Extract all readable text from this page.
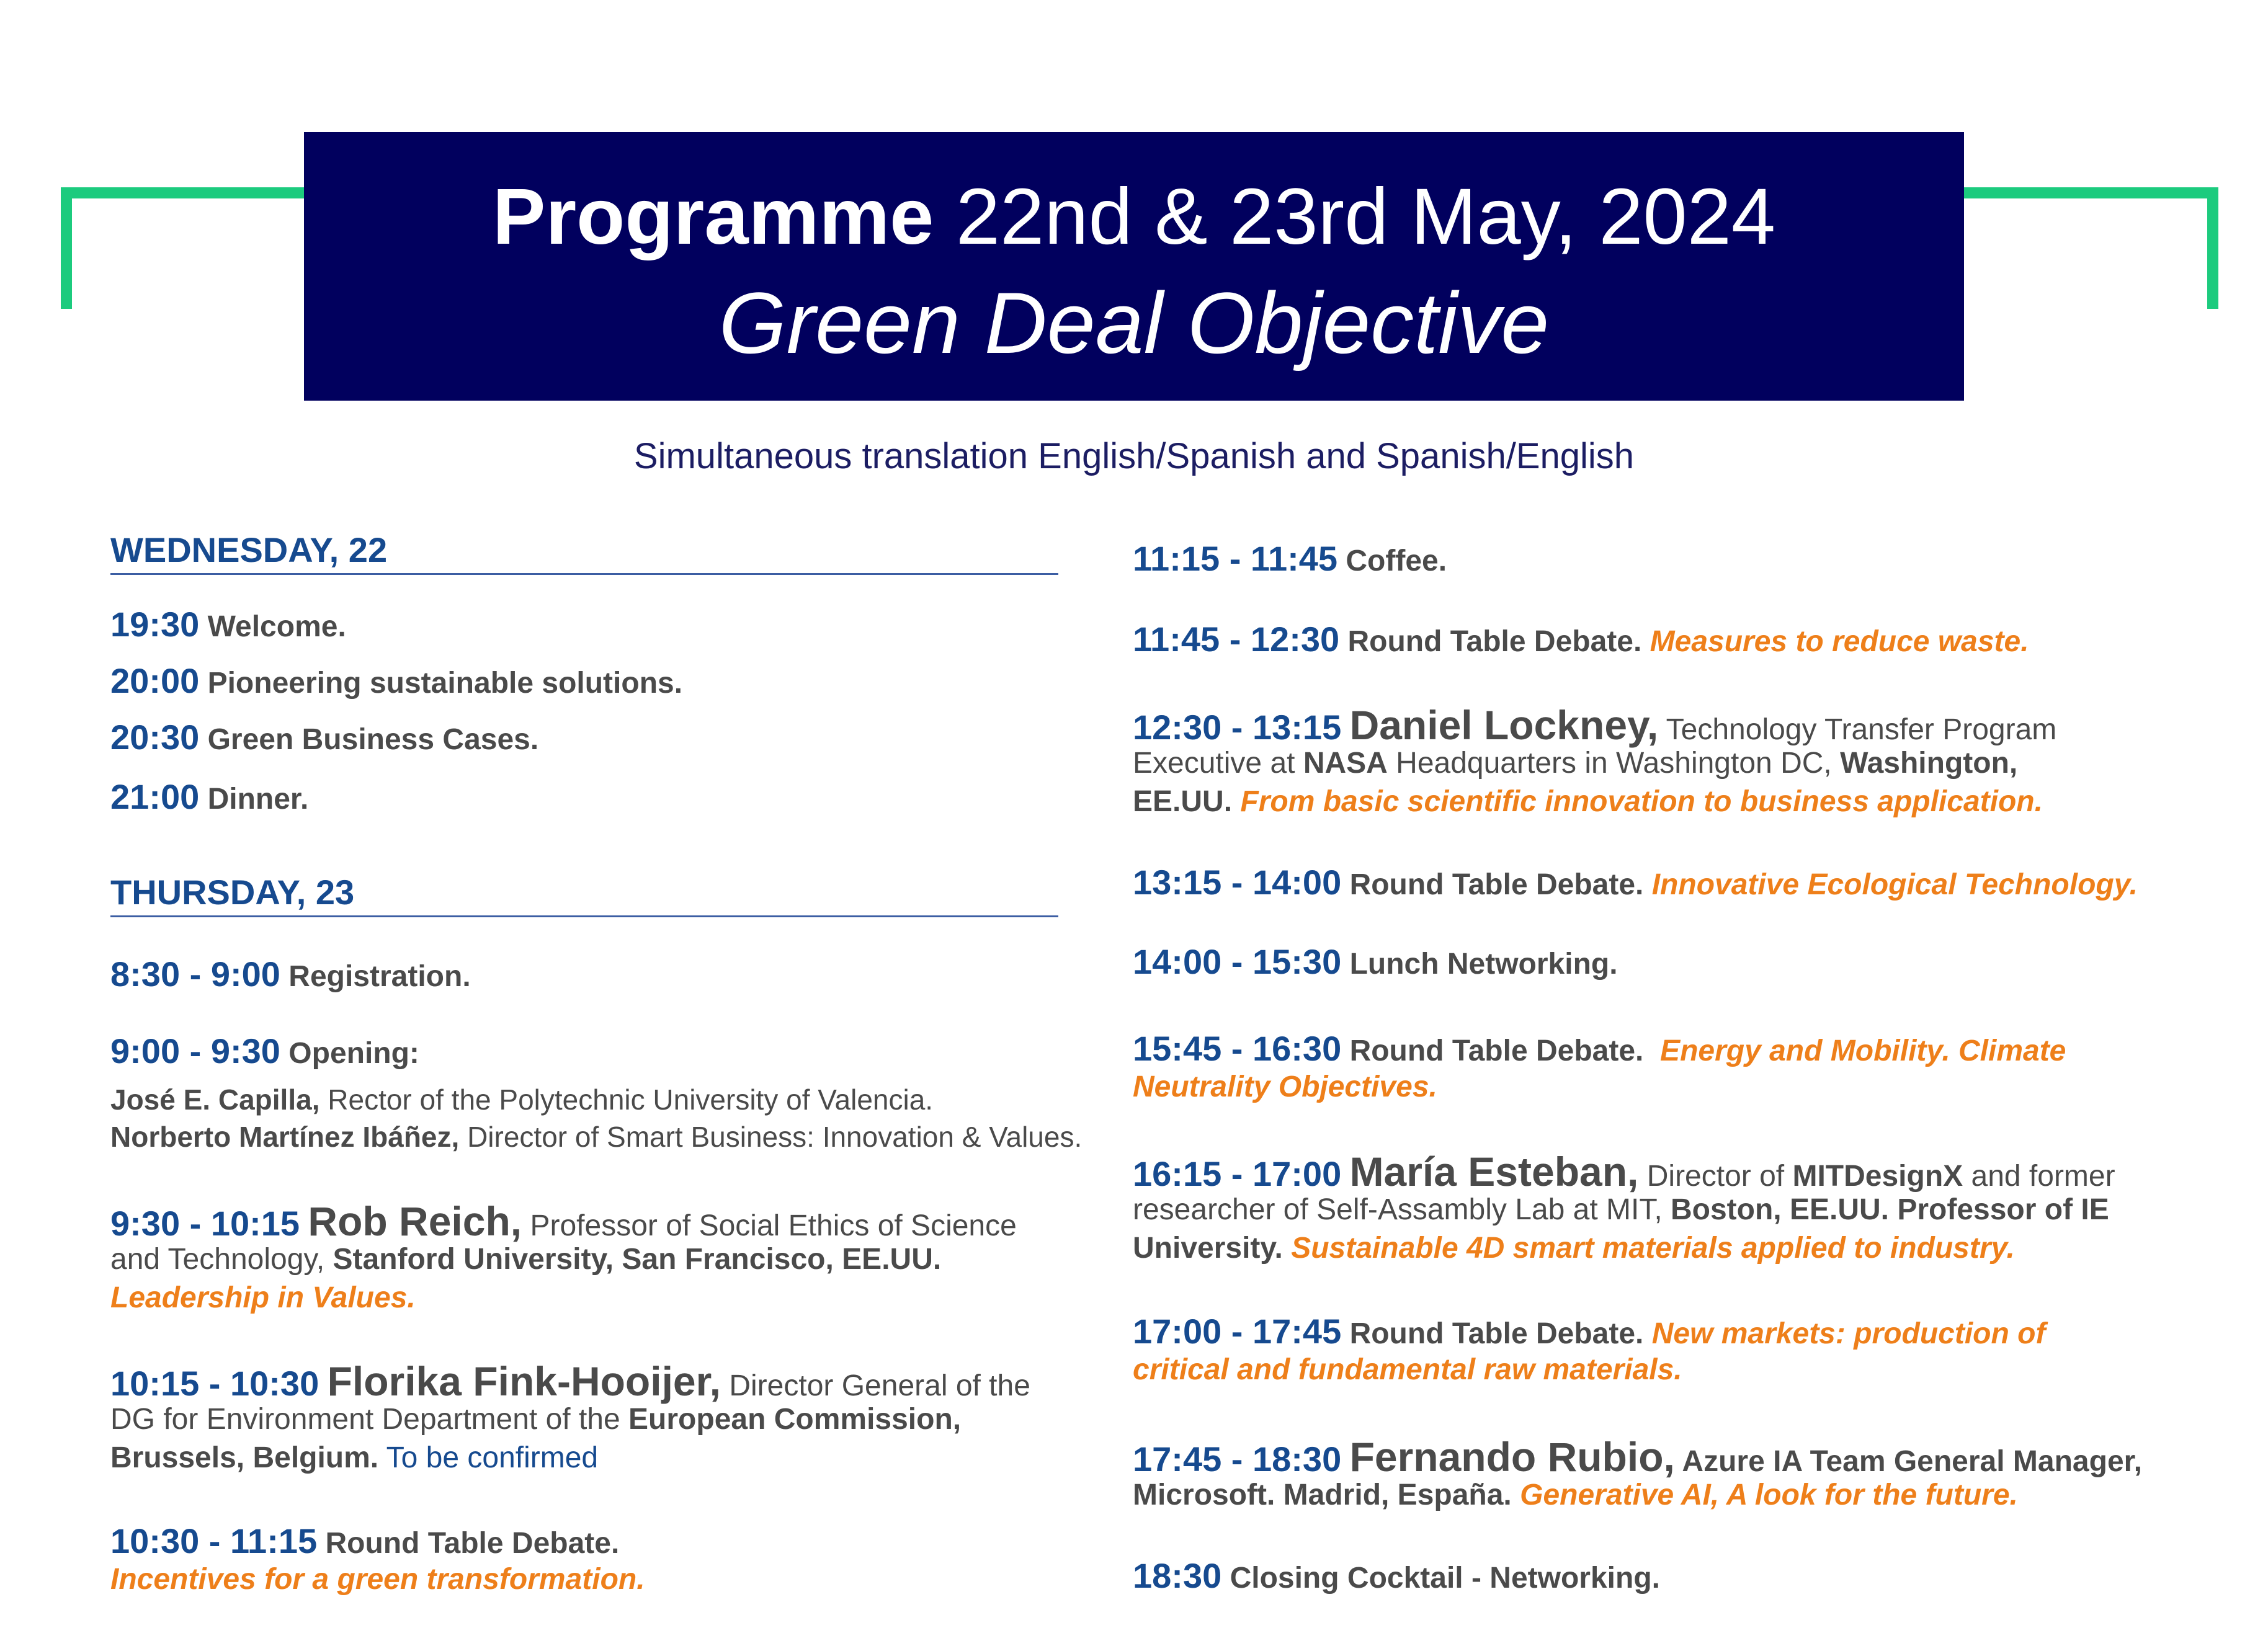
Programme 22nd & 23rd May, 2024
Green Deal Objective
Simultaneous translation English/Spanish and Spanish/English
WEDNESDAY, 22
19:30 Welcome.
20:00 Pioneering sustainable solutions.
20:30 Green Business Cases.
21:00 Dinner.
THURSDAY, 23
8:30 - 9:00 Registration.
9:00 - 9:30 Opening:
José E. Capilla, Rector of the Polytechnic University of Valencia.
Norberto Martínez Ibáñez, Director of Smart Business: Innovation & Values.
9:30 - 10:15 Rob Reich, Professor of Social Ethics of Science
and Technology, Stanford University, San Francisco, EE.UU.
Leadership in Values.
10:15 - 10:30 Florika Fink-Hooijer, Director General of the
DG for Environment Department of the European Commission,
Brussels, Belgium. To be confirmed
10:30 - 11:15 Round Table Debate.
Incentives for a green transformation.
11:15 - 11:45 Coffee.
11:45 - 12:30 Round Table Debate. Measures to reduce waste.
12:30 - 13:15 Daniel Lockney, Technology Transfer Program
Executive at NASA Headquarters in Washington DC, Washington,
EE.UU. From basic scientific innovation to business application.
13:15 - 14:00 Round Table Debate. Innovative Ecological Technology.
14:00 - 15:30 Lunch Networking.
15:45 - 16:30 Round Table Debate. Energy and Mobility. Climate
Neutrality Objectives.
16:15 - 17:00 María Esteban, Director of MITDesignX and former
researcher of Self-Assambly Lab at MIT, Boston, EE.UU. Professor of IE
University. Sustainable 4D smart materials applied to industry.
17:00 - 17:45 Round Table Debate. New markets: production of
critical and fundamental raw materials.
17:45 - 18:30 Fernando Rubio, Azure IA Team General Manager,
Microsoft. Madrid, España. Generative AI, A look for the future.
18:30 Closing Cocktail - Networking.
